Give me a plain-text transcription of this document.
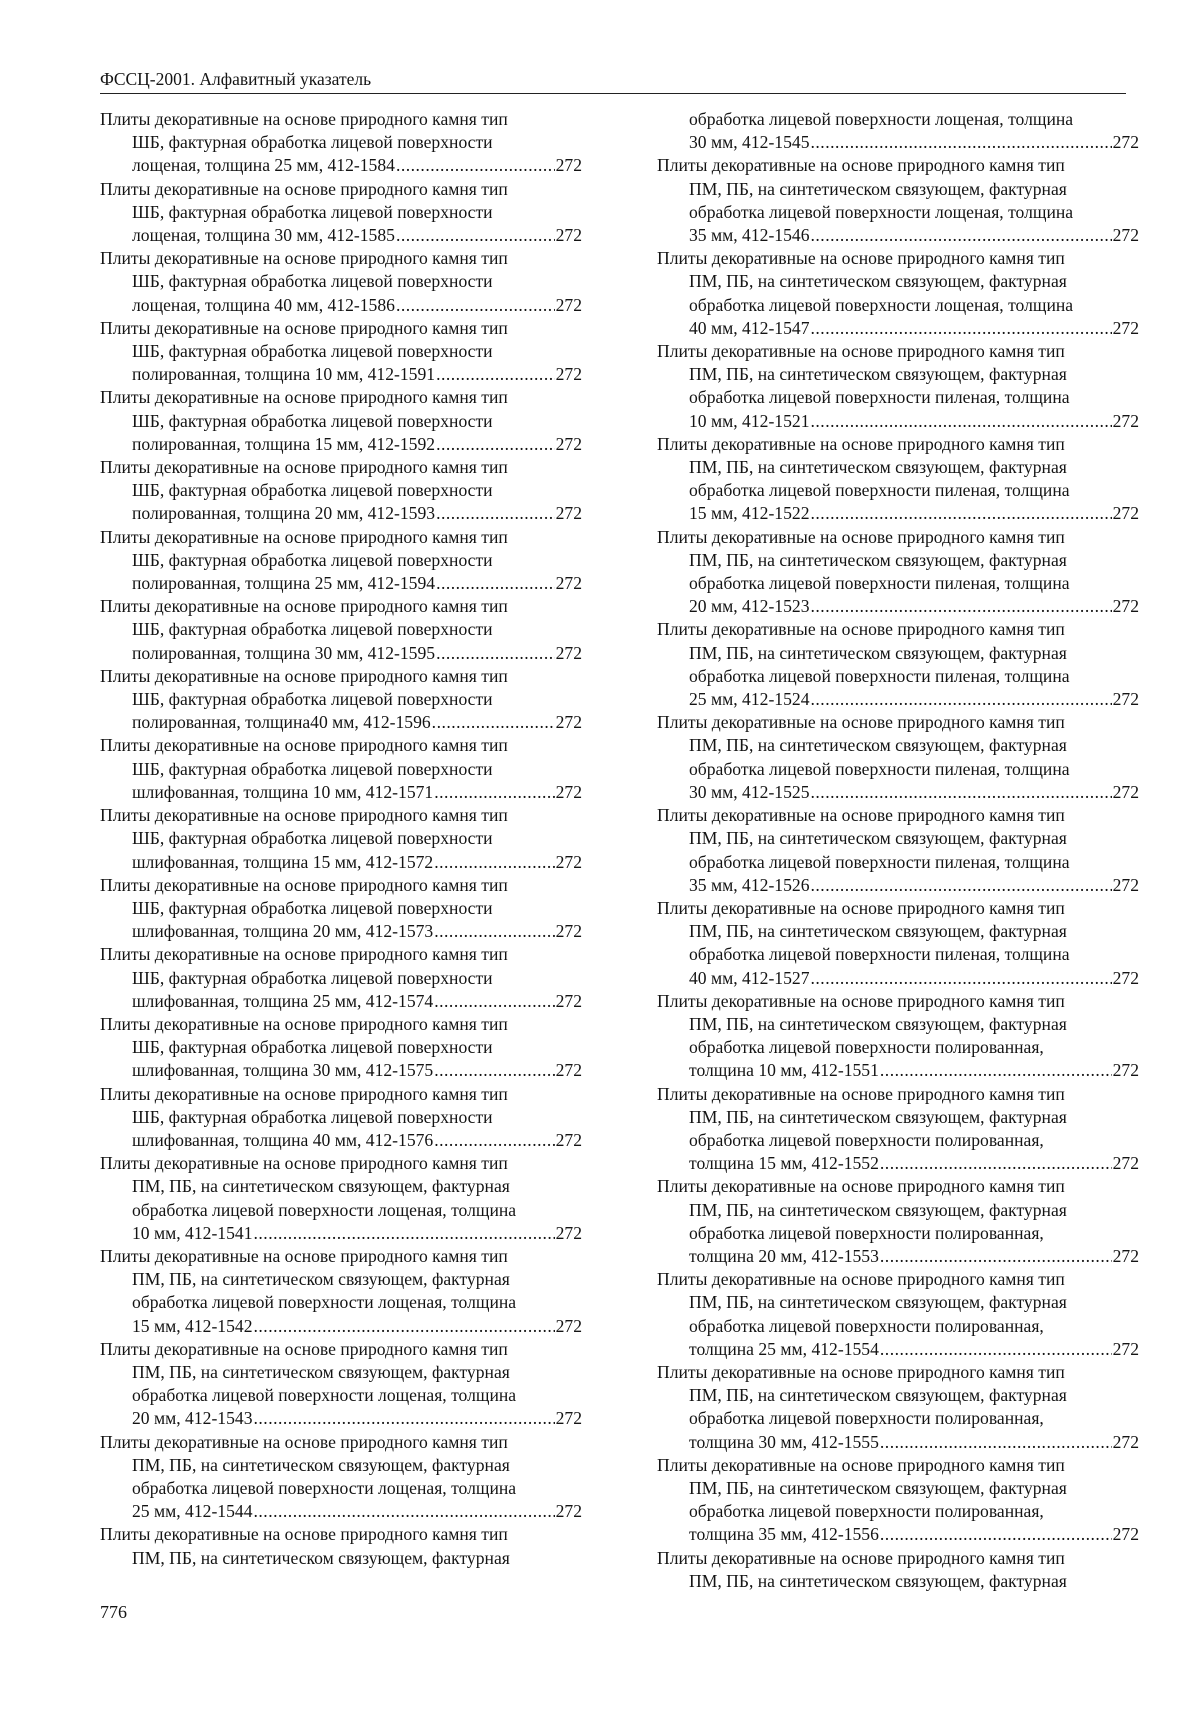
ФССЦ-2001. Алфавитный указатель
Плиты декоративные на основе природного камня тип
ШБ, фактурная обработка лицевой поверхности
лощеная, толщина 25 мм, 412-1584 .....	272
Плиты декоративные на основе природного камня тип
ШБ, фактурная обработка лицевой поверхности
лощеная, толщина 30 мм, 412-1585 .....	272
Плиты декоративные на основе природного камня тип
ШБ, фактурная обработка лицевой поверхности
лощеная, толщина 40 мм, 412-1586 .....	272
Плиты декоративные на основе природного камня тип
ШБ, фактурная обработка лицевой поверхности
полированная, толщина 10 мм, 412-1591 .....	272
Плиты декоративные на основе природного камня тип
ШБ, фактурная обработка лицевой поверхности
полированная, толщина 15 мм, 412-1592 .....	272
Плиты декоративные на основе природного камня тип
ШБ, фактурная обработка лицевой поверхности
полированная, толщина 20 мм, 412-1593 .....	272
Плиты декоративные на основе природного камня тип
ШБ, фактурная обработка лицевой поверхности
полированная, толщина 25 мм, 412-1594 .....	272
Плиты декоративные на основе природного камня тип
ШБ, фактурная обработка лицевой поверхности
полированная, толщина 30 мм, 412-1595 .....	272
Плиты декоративные на основе природного камня тип
ШБ, фактурная обработка лицевой поверхности
полированная, толщина40 мм, 412-1596 .....	272
Плиты декоративные на основе природного камня тип
ШБ, фактурная обработка лицевой поверхности
шлифованная, толщина 10 мм, 412-1571 .....	272
Плиты декоративные на основе природного камня тип
ШБ, фактурная обработка лицевой поверхности
шлифованная, толщина 15 мм, 412-1572 .....	272
Плиты декоративные на основе природного камня тип
ШБ, фактурная обработка лицевой поверхности
шлифованная, толщина 20 мм, 412-1573 .....	272
Плиты декоративные на основе природного камня тип
ШБ, фактурная обработка лицевой поверхности
шлифованная, толщина 25 мм, 412-1574 .....	272
Плиты декоративные на основе природного камня тип
ШБ, фактурная обработка лицевой поверхности
шлифованная, толщина 30 мм, 412-1575 .....	272
Плиты декоративные на основе природного камня тип
ШБ, фактурная обработка лицевой поверхности
шлифованная, толщина 40 мм, 412-1576 .....	272
Плиты декоративные на основе природного камня тип
ПМ, ПБ, на синтетическом связующем, фактурная
обработка лицевой поверхности лощеная, толщина
10 мм, 412-1541 .....	272
Плиты декоративные на основе природного камня тип
ПМ, ПБ, на синтетическом связующем, фактурная
обработка лицевой поверхности лощеная, толщина
15 мм, 412-1542 .....	272
Плиты декоративные на основе природного камня тип
ПМ, ПБ, на синтетическом связующем, фактурная
обработка лицевой поверхности лощеная, толщина
20 мм, 412-1543 .....	272
Плиты декоративные на основе природного камня тип
ПМ, ПБ, на синтетическом связующем, фактурная
обработка лицевой поверхности лощеная, толщина
25 мм, 412-1544 .....	272
Плиты декоративные на основе природного камня тип
ПМ, ПБ, на синтетическом связующем, фактурная
обработка лицевой поверхности лощеная, толщина
30 мм, 412-1545 .....	272
Плиты декоративные на основе природного камня тип
ПМ, ПБ, на синтетическом связующем, фактурная
обработка лицевой поверхности лощеная, толщина
35 мм, 412-1546 .....	272
Плиты декоративные на основе природного камня тип
ПМ, ПБ, на синтетическом связующем, фактурная
обработка лицевой поверхности лощеная, толщина
40 мм, 412-1547 .....	272
Плиты декоративные на основе природного камня тип
ПМ, ПБ, на синтетическом связующем, фактурная
обработка лицевой поверхности пиленая, толщина
10 мм, 412-1521 .....	272
Плиты декоративные на основе природного камня тип
ПМ, ПБ, на синтетическом связующем, фактурная
обработка лицевой поверхности пиленая, толщина
15 мм, 412-1522 .....	272
Плиты декоративные на основе природного камня тип
ПМ, ПБ, на синтетическом связующем, фактурная
обработка лицевой поверхности пиленая, толщина
20 мм, 412-1523 .....	272
Плиты декоративные на основе природного камня тип
ПМ, ПБ, на синтетическом связующем, фактурная
обработка лицевой поверхности пиленая, толщина
25 мм, 412-1524 .....	272
Плиты декоративные на основе природного камня тип
ПМ, ПБ, на синтетическом связующем, фактурная
обработка лицевой поверхности пиленая, толщина
30 мм, 412-1525 .....	272
Плиты декоративные на основе природного камня тип
ПМ, ПБ, на синтетическом связующем, фактурная
обработка лицевой поверхности пиленая, толщина
35 мм, 412-1526 .....	272
Плиты декоративные на основе природного камня тип
ПМ, ПБ, на синтетическом связующем, фактурная
обработка лицевой поверхности пиленая, толщина
40 мм, 412-1527 .....	272
Плиты декоративные на основе природного камня тип
ПМ, ПБ, на синтетическом связующем, фактурная
обработка лицевой поверхности полированная,
толщина 10 мм, 412-1551 .....	272
Плиты декоративные на основе природного камня тип
ПМ, ПБ, на синтетическом связующем, фактурная
обработка лицевой поверхности полированная,
толщина 15 мм, 412-1552 .....	272
Плиты декоративные на основе природного камня тип
ПМ, ПБ, на синтетическом связующем, фактурная
обработка лицевой поверхности полированная,
толщина 20 мм, 412-1553 .....	272
Плиты декоративные на основе природного камня тип
ПМ, ПБ, на синтетическом связующем, фактурная
обработка лицевой поверхности полированная,
толщина 25 мм, 412-1554 .....	272
Плиты декоративные на основе природного камня тип
ПМ, ПБ, на синтетическом связующем, фактурная
обработка лицевой поверхности полированная,
толщина 30 мм, 412-1555 .....	272
Плиты декоративные на основе природного камня тип
ПМ, ПБ, на синтетическом связующем, фактурная
обработка лицевой поверхности полированная,
толщина 35 мм, 412-1556 .....	272
Плиты декоративные на основе природного камня тип
ПМ, ПБ, на синтетическом связующем, фактурная
776
